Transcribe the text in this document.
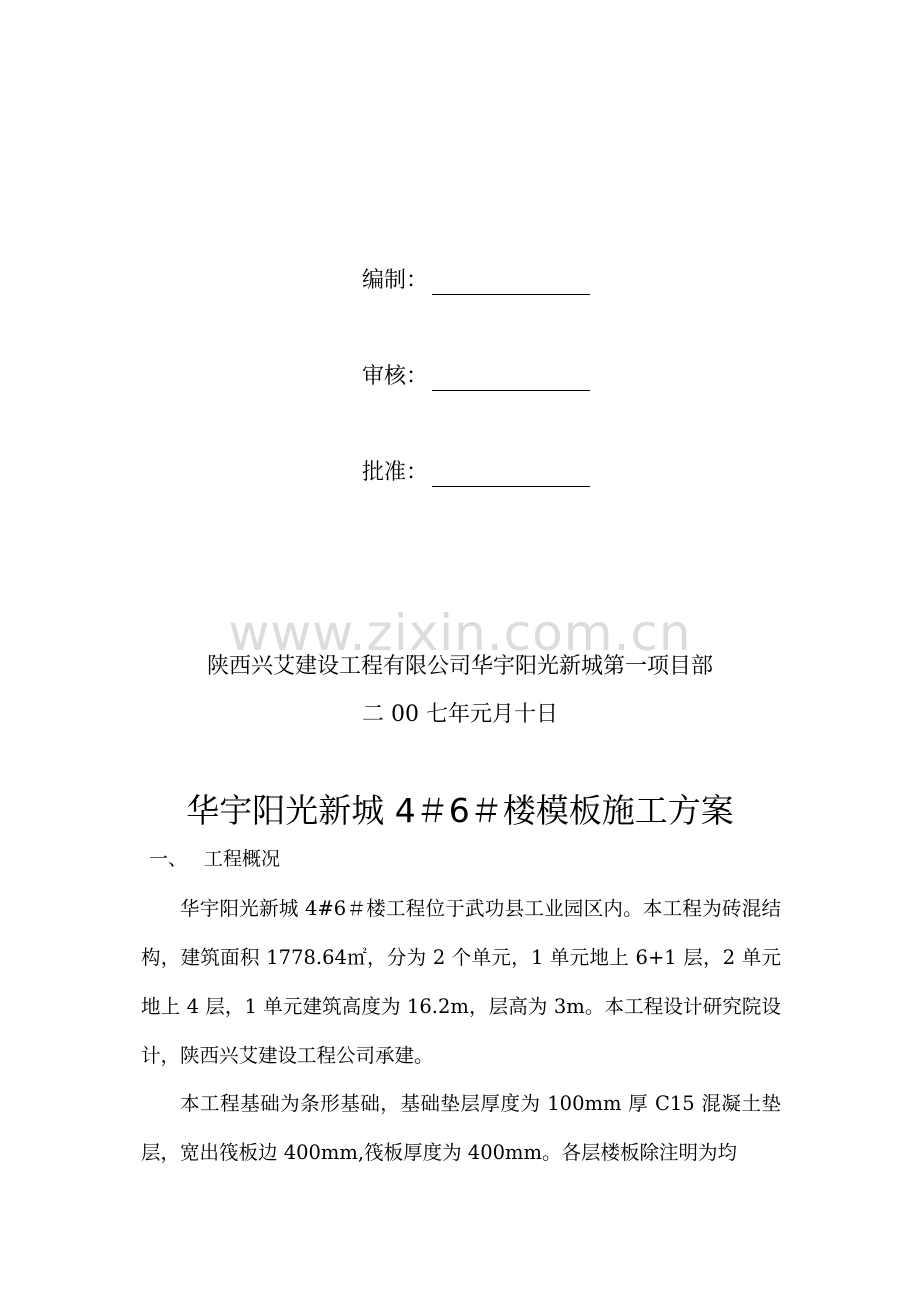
编制：
审核：
批准：
www.zixin.com.cn
陕西兴艾建设工程有限公司华宇阳光新城第一项目部
二 00 七年元月十日
华宇阳光新城 4＃6＃楼模板施工方案
一、 工程概况
华宇阳光新城 4#6＃楼工程位于武功县工业园区内。本工程为砖混结构，建筑面积 1778.64㎡，分为 2 个单元，1 单元地上 6+1 层，2 单元地上 4 层，1 单元建筑高度为 16.2m，层高为 3m。本工程设计研究院设计，陕西兴艾建设工程公司承建。
本工程基础为条形基础，基础垫层厚度为 100mm 厚 C15 混凝土垫层，宽出筏板边 400mm,筏板厚度为 400mm。各层楼板除注明为均
